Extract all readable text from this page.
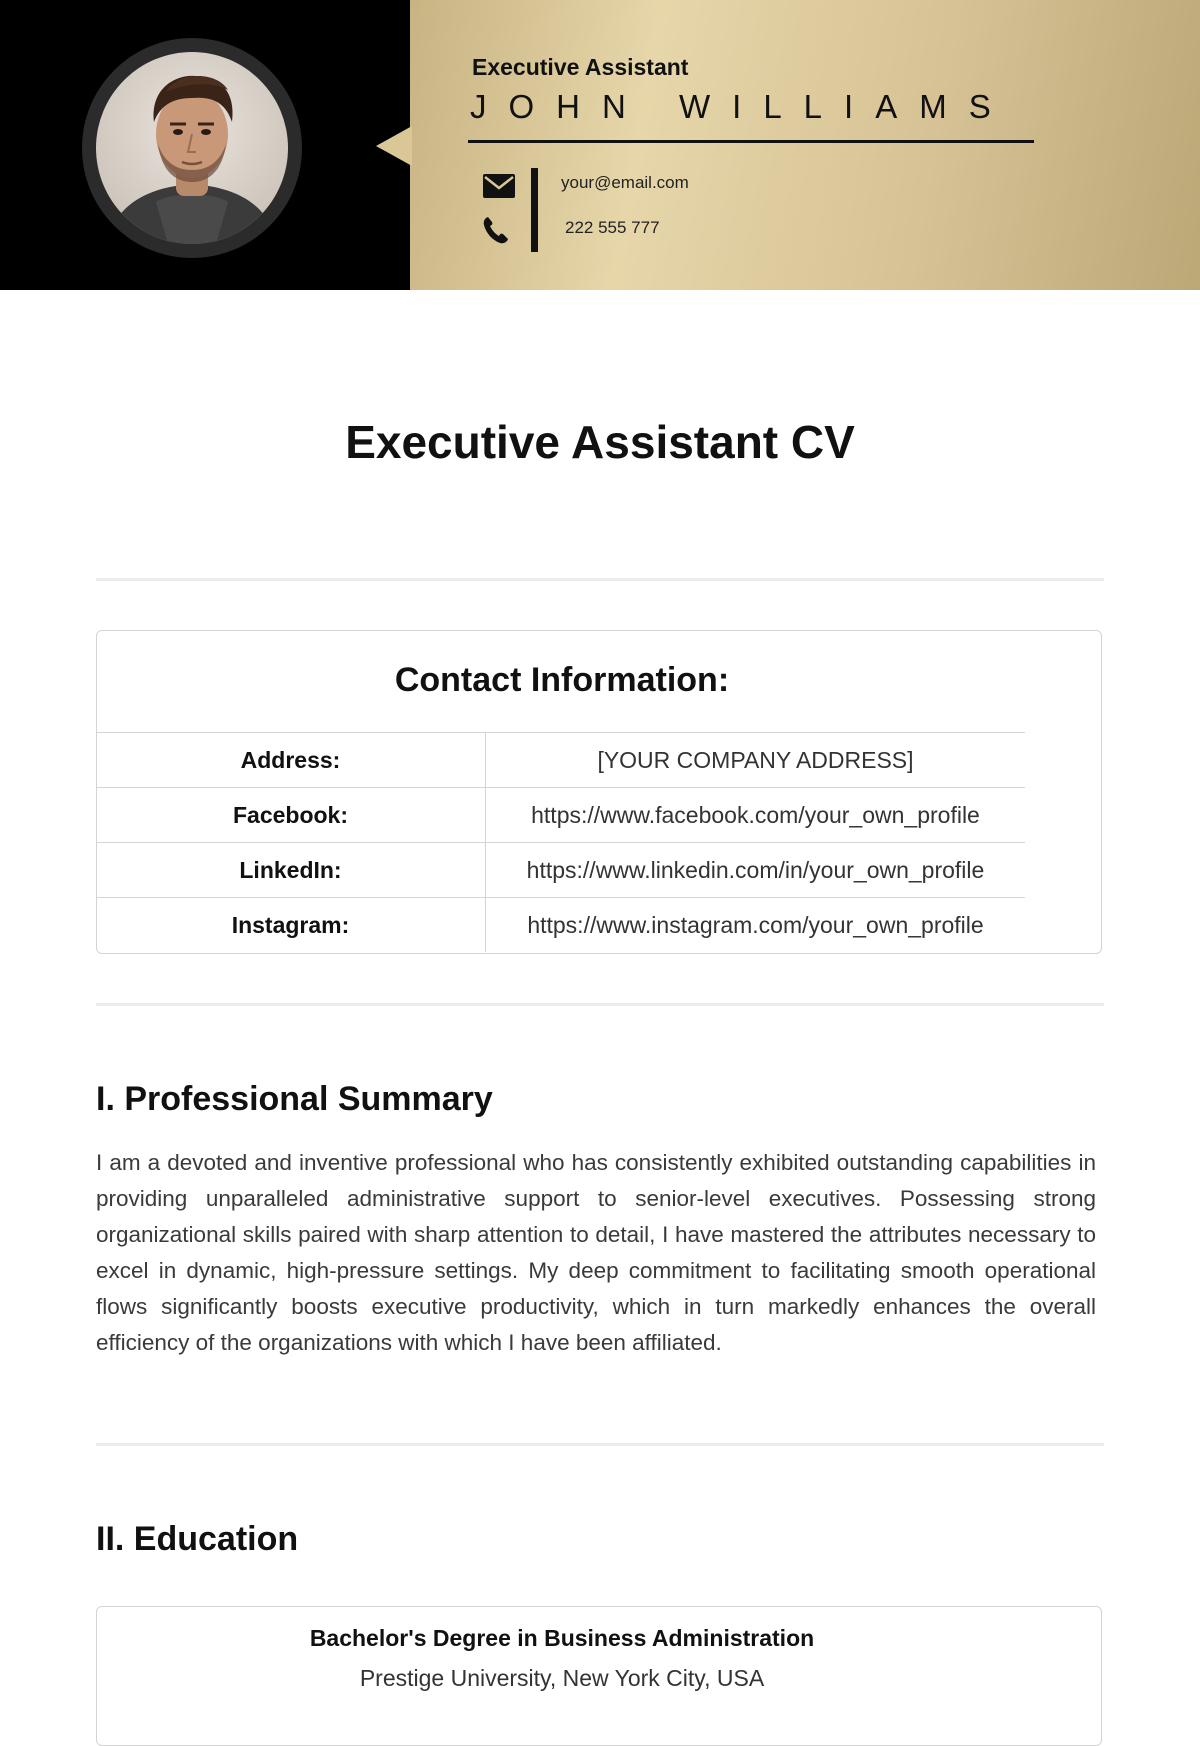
Executive Assistant
JOHN WILLIAMS
your@email.com
222 555 777
Executive Assistant CV
Contact Information:
Address:	[YOUR COMPANY ADDRESS]
Facebook:	https://www.facebook.com/your_own_profile
LinkedIn:	https://www.linkedin.com/in/your_own_profile
Instagram:	https://www.instagram.com/your_own_profile
I. Professional Summary

I am a devoted and inventive professional who has consistently exhibited outstanding capabilities in providing unparalleled administrative support to senior-level executives. Possessing strong organizational skills paired with sharp attention to detail, I have mastered the attributes necessary to excel in dynamic, high-pressure settings. My deep commitment to facilitating smooth operational flows significantly boosts executive productivity, which in turn markedly enhances the overall efficiency of the organizations with which I have been affiliated.

II. Education
Bachelor's Degree in Business Administration
Prestige University, New York City, USA
